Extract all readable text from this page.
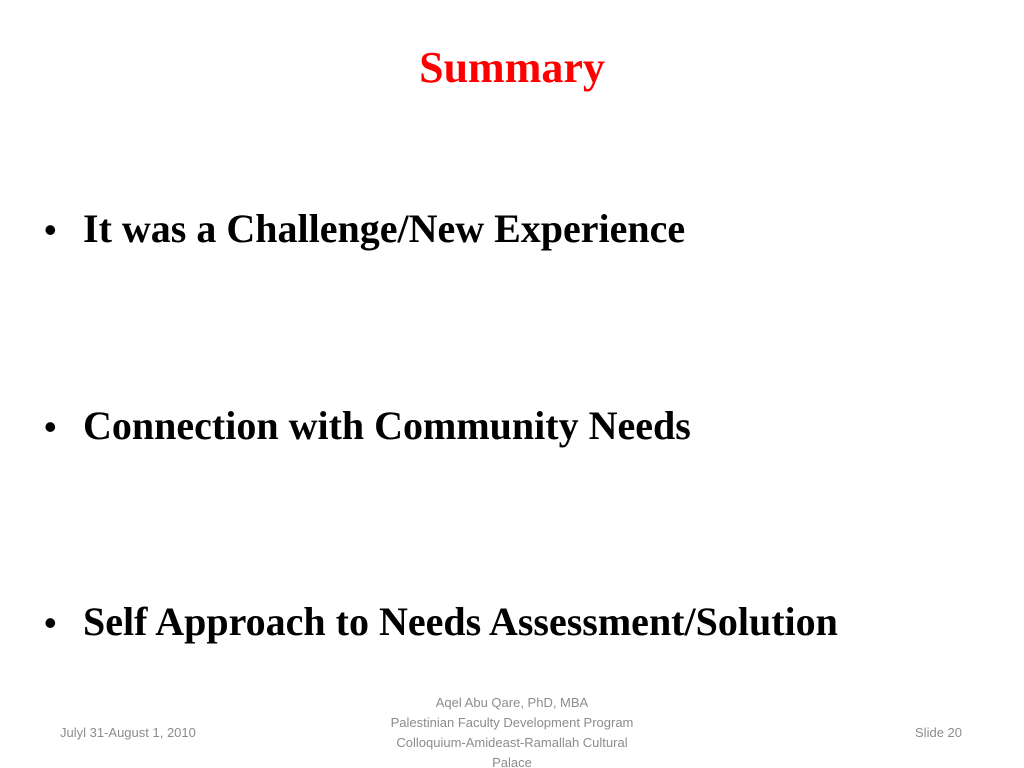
Summary
• It was a Challenge/New Experience
• Connection with Community Needs
• Self Approach to Needs Assessment/Solution
Julyl 31-August 1, 2010
Aqel Abu Qare, PhD, MBA
Palestinian Faculty Development Program
Colloquium-Amideast-Ramallah Cultural
Palace
Slide 20
